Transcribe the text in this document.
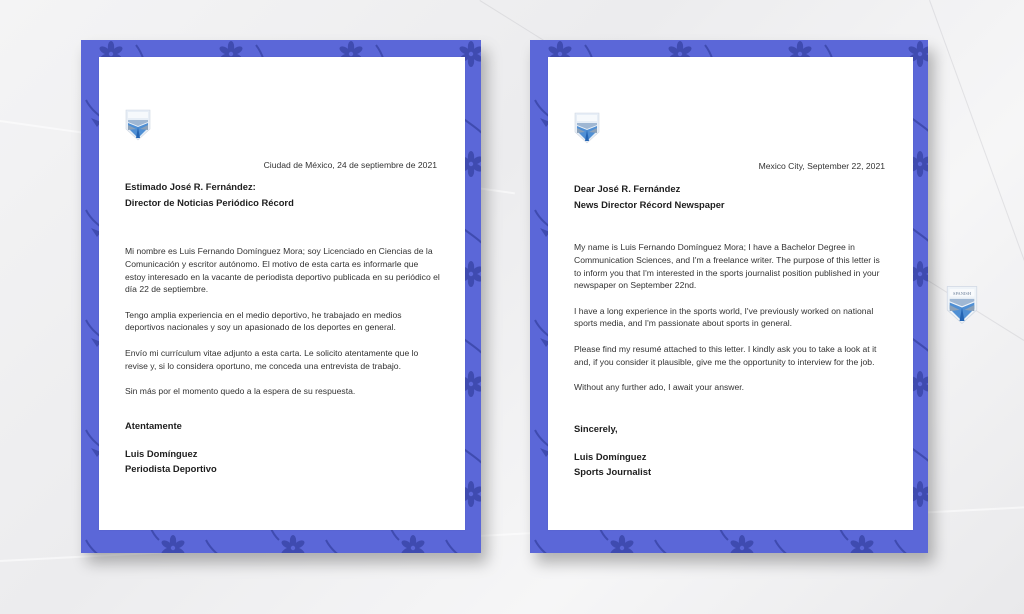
Ciudad de México, 24 de septiembre de 2021
Estimado José R. Fernández:
Director de Noticias Periódico Récord

Mi nombre es Luis Fernando Domínguez Mora; soy Licenciado en Ciencias de la Comunicación y escritor autónomo. El motivo de esta carta es informarle que estoy interesado en la vacante de periodista deportivo publicada en su periódico el día 22 de septiembre.

Tengo amplia experiencia en el medio deportivo, he trabajado en medios deportivos nacionales y soy un apasionado de los deportes en general.

Envío mi currículum vitae adjunto a esta carta. Le solicito atentamente que lo revise y, si lo considera oportuno, me conceda una entrevista de trabajo.

Sin más por el momento quedo a la espera de su respuesta.

Atentamente
Luis Domínguez
Periodista Deportivo
Mexico City, September 22, 2021
Dear José R. Fernández
News Director Récord Newspaper

My name is Luis Fernando Domínguez Mora; I have a Bachelor Degree in Communication Sciences, and I'm a freelance writer. The purpose of this letter is to inform you that I'm interested in the sports journalist position published in your newspaper on September 22nd.

I have a long experience in the sports world, I've previously worked on national sports media, and I'm passionate about sports in general.

Please find my resumé attached to this letter. I kindly ask you to take a look at it and, if you consider it plausible, give me the opportunity to interview for the job.

Without any further ado, I await your answer.

Sincerely,
Luis Domínguez
Sports Journalist
SPANISH
